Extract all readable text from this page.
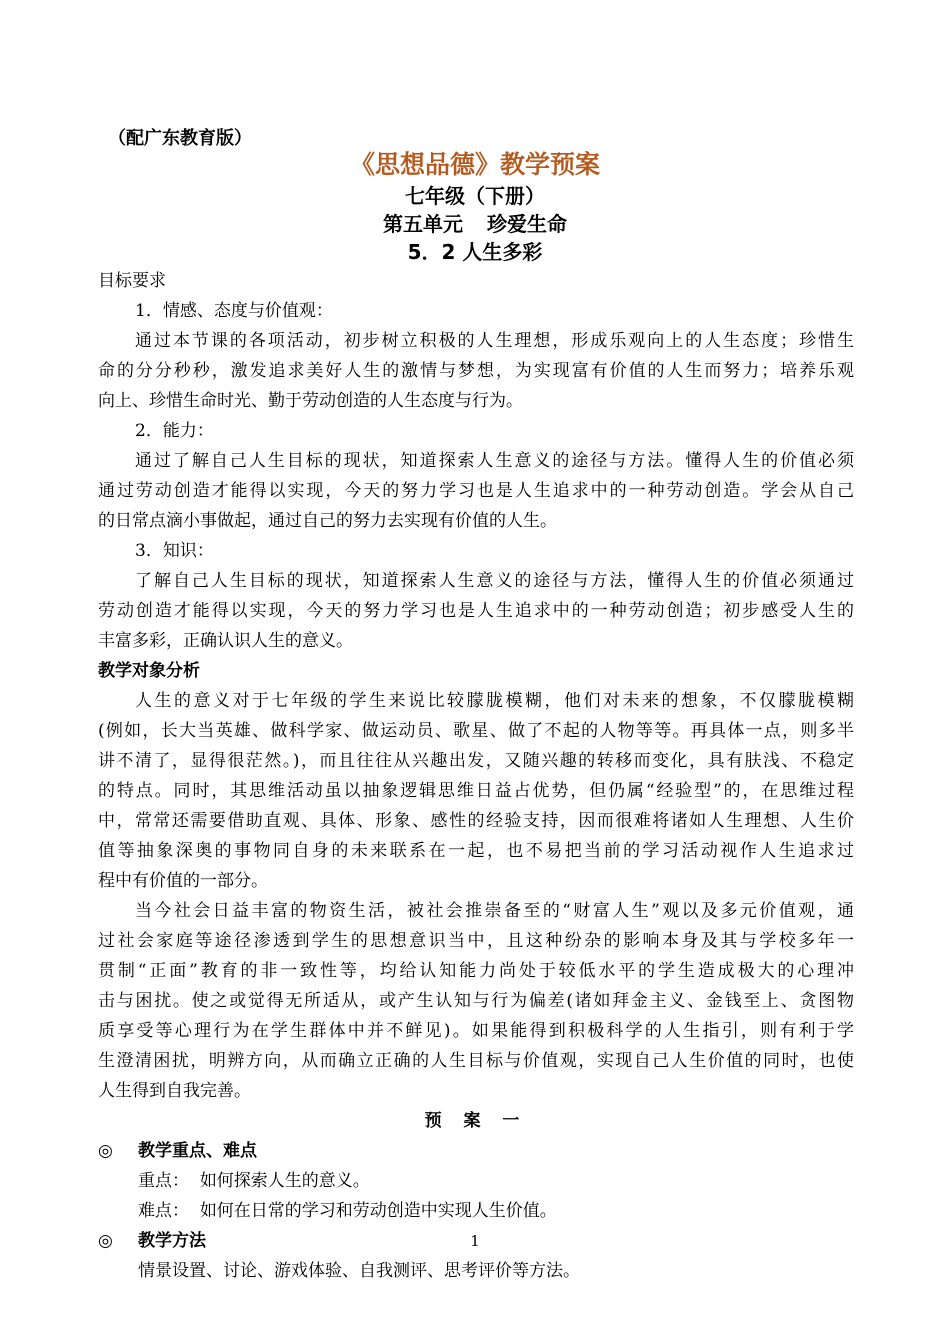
（配广东教育版）
《思想品德》教学预案
七年级（下册）
第五单元 珍爱生命
5．2 人生多彩
目标要求
1．情感、态度与价值观：
通过本节课的各项活动，初步树立积极的人生理想，形成乐观向上的人生态度；珍惜生
命的分分秒秒，激发追求美好人生的激情与梦想，为实现富有价值的人生而努力；培养乐观
向上、珍惜生命时光、勤于劳动创造的人生态度与行为。
2．能力：
通过了解自己人生目标的现状，知道探索人生意义的途径与方法。懂得人生的价值必须
通过劳动创造才能得以实现，今天的努力学习也是人生追求中的一种劳动创造。学会从自己
的日常点滴小事做起，通过自己的努力去实现有价值的人生。
3．知识：
了解自己人生目标的现状，知道探索人生意义的途径与方法，懂得人生的价值必须通过
劳动创造才能得以实现，今天的努力学习也是人生追求中的一种劳动创造；初步感受人生的
丰富多彩，正确认识人生的意义。
教学对象分析
人生的意义对于七年级的学生来说比较朦胧模糊，他们对未来的想象，不仅朦胧模糊
(例如，长大当英雄、做科学家、做运动员、歌星、做了不起的人物等等。再具体一点，则多半
讲不清了，显得很茫然。)，而且往往从兴趣出发，又随兴趣的转移而变化，具有肤浅、不稳定
的特点。同时，其思维活动虽以抽象逻辑思维日益占优势，但仍属“经验型”的，在思维过程
中，常常还需要借助直观、具体、形象、感性的经验支持，因而很难将诸如人生理想、人生价
值等抽象深奥的事物同自身的未来联系在一起，也不易把当前的学习活动视作人生追求过
程中有价值的一部分。
当今社会日益丰富的物资生活，被社会推崇备至的“财富人生”观以及多元价值观，通
过社会家庭等途径渗透到学生的思想意识当中，且这种纷杂的影响本身及其与学校多年一
贯制“正面”教育的非一致性等，均给认知能力尚处于较低水平的学生造成极大的心理冲
击与困扰。使之或觉得无所适从，或产生认知与行为偏差(诸如拜金主义、金钱至上、贪图物
质享受等心理行为在学生群体中并不鲜见)。如果能得到积极科学的人生指引，则有利于学
生澄清困扰，明辨方向，从而确立正确的人生目标与价值观，实现自己人生价值的同时，也使
人生得到自我完善。
预 案 一
◎ 教学重点、难点
重点： 如何探索人生的意义。
难点： 如何在日常的学习和劳动创造中实现人生价值。
◎ 教学方法
情景设置、讨论、游戏体验、自我测评、思考评价等方法。
1
